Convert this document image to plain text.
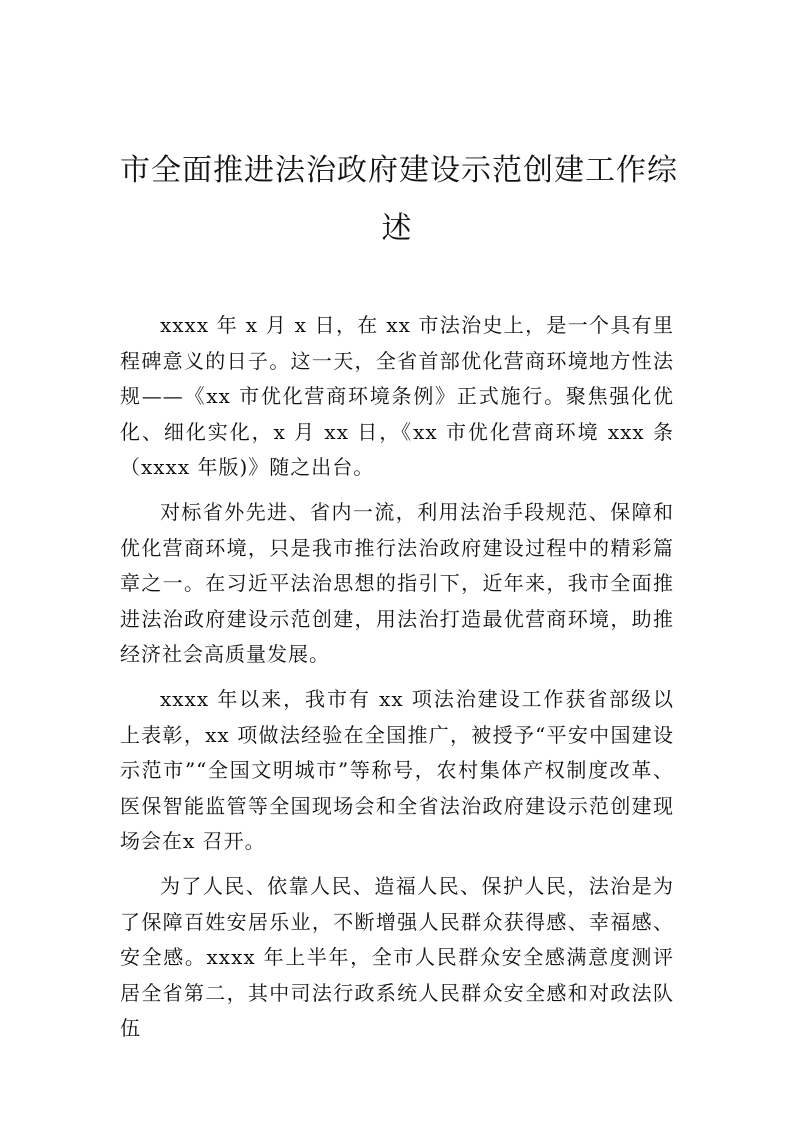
市全面推进法治政府建设示范创建工作综
述

xxxx 年 x 月 x 日，在 xx 市法治史上，是一个具有里程碑意义的日子。这一天，全省首部优化营商环境地方性法规——《xx 市优化营商环境条例》正式施行。聚焦强化优化、细化实化，x 月 xx 日，《xx 市优化营商环境 xxx 条（xxxx 年版)》随之出台。

对标省外先进、省内一流，利用法治手段规范、保障和优化营商环境，只是我市推行法治政府建设过程中的精彩篇章之一。在习近平法治思想的指引下，近年来，我市全面推进法治政府建设示范创建，用法治打造最优营商环境，助推经济社会高质量发展。

xxxx 年以来，我市有 xx 项法治建设工作获省部级以上表彰，xx 项做法经验在全国推广，被授予“平安中国建设示范市”“全国文明城市”等称号，农村集体产权制度改革、医保智能监管等全国现场会和全省法治政府建设示范创建现场会在x 召开。

为了人民、依靠人民、造福人民、保护人民，法治是为了保障百姓安居乐业，不断增强人民群众获得感、幸福感、 安全感。xxxx 年上半年，全市人民群众安全感满意度测评居全省第二，其中司法行政系统人民群众安全感和对政法队伍
